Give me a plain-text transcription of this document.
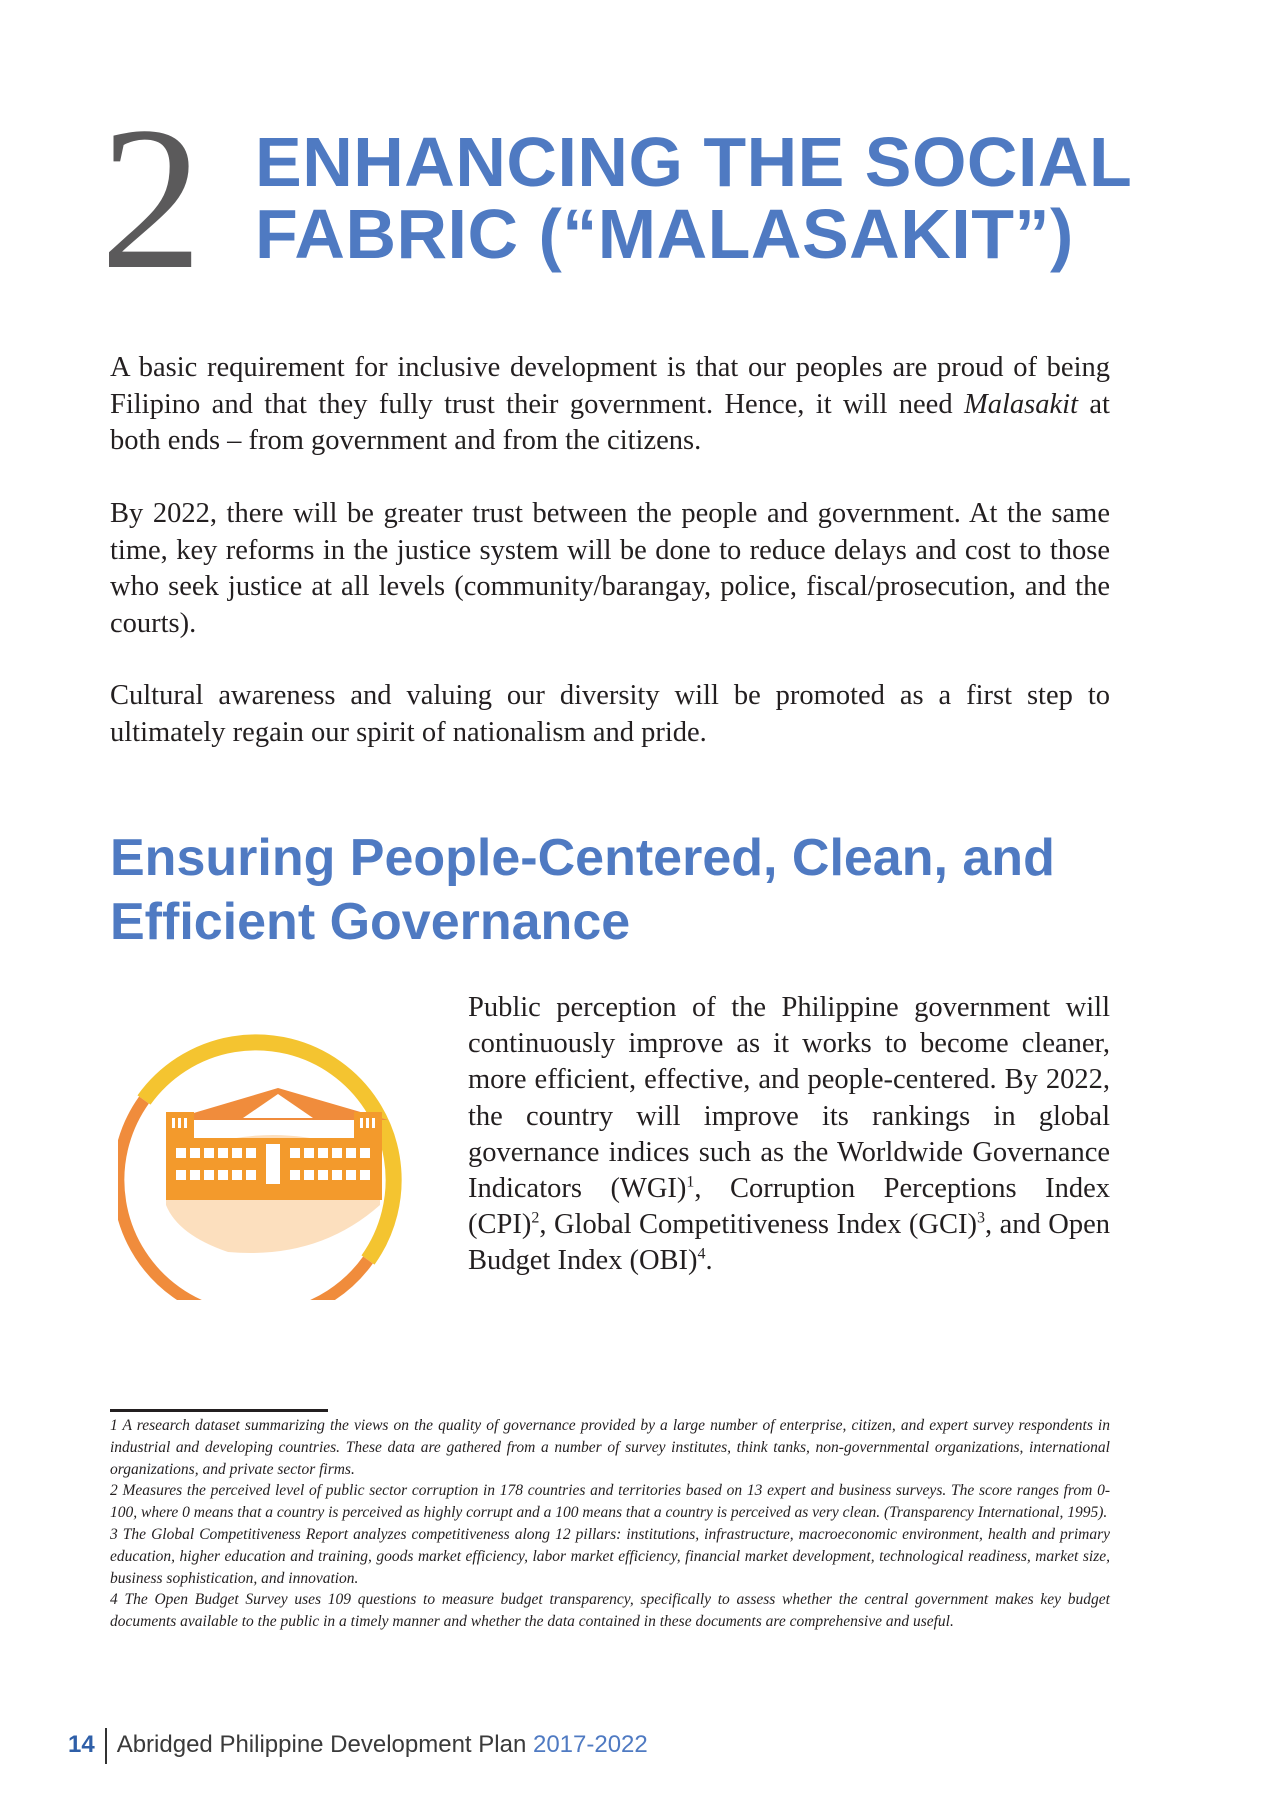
2 ENHANCING THE SOCIAL
FABRIC (“MALASAKIT”)
A basic requirement for inclusive development is that our peoples are proud of being Filipino and that they fully trust their government. Hence, it will need Malasakit at both ends – from government and from the citizens.
By 2022, there will be greater trust between the people and government. At the same time, key reforms in the justice system will be done to reduce delays and cost to those who seek justice at all levels (community/barangay, police, fiscal/prosecution, and the courts).
Cultural awareness and valuing our diversity will be promoted as a first step to ultimately regain our spirit of nationalism and pride.
Ensuring People-Centered, Clean, and
Efficient Governance
Public perception of the Philippine government will continuously improve as it works to become cleaner, more efficient, effective, and people-centered. By 2022, the country will improve its rankings in global governance indices such as the Worldwide Governance Indicators (WGI)$^1$, Corruption Perceptions Index (CPI)$^2$, Global Competitiveness Index (GCI)$^3$, and Open Budget Index (OBI)$^4$.

1 A research dataset summarizing the views on the quality of governance provided by a large number of enterprise, citizen, and expert survey respondents in industrial and developing countries. These data are gathered from a number of survey institutes, think tanks, non-governmental organizations, international organizations, and private sector firms.

2 Measures the perceived level of public sector corruption in 178 countries and territories based on 13 expert and business surveys. The score ranges from 0-100, where 0 means that a country is perceived as highly corrupt and a 100 means that a country is perceived as very clean. (Transparency International, 1995).

3 The Global Competitiveness Report analyzes competitiveness along 12 pillars: institutions, infrastructure, macroeconomic environment, health and primary education, higher education and training, goods market efficiency, labor market efficiency, financial market development, technological readiness, market size, business sophistication, and innovation.

4 The Open Budget Survey uses 109 questions to measure budget transparency, specifically to assess whether the central government makes key budget documents available to the public in a timely manner and whether the data contained in these documents are comprehensive and useful.

14 Abridged Philippine Development Plan 2017-2022
